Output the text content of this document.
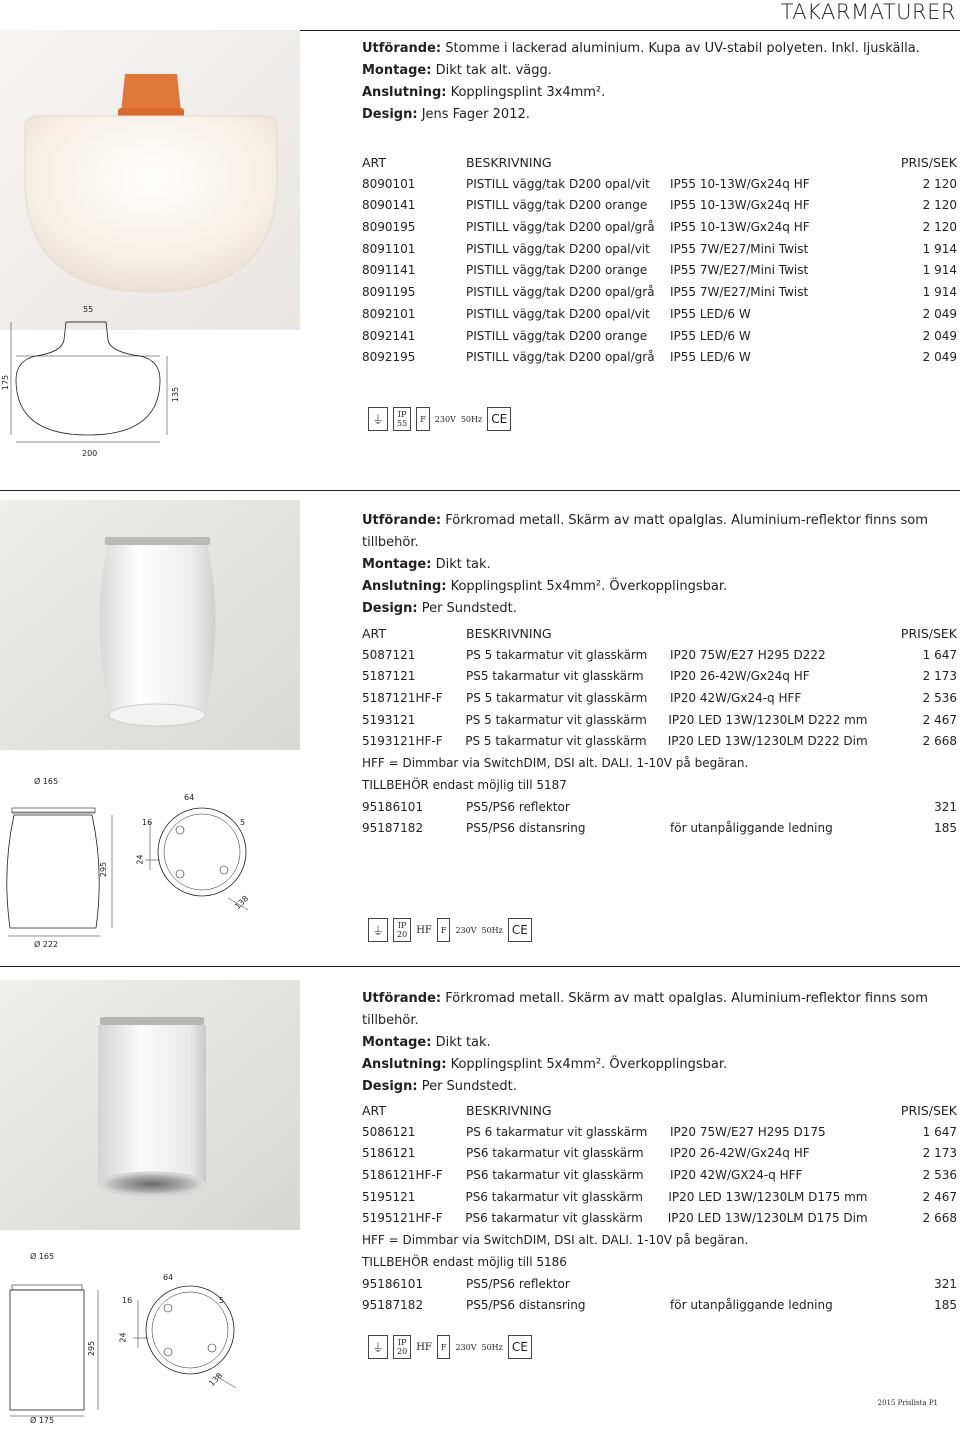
TAKARMATURER
55
175
135
200
Utförande: Stomme i lackerad aluminium. Kupa av UV-stabil polyeten. Inkl. ljuskälla.
Montage: Dikt tak alt. vägg.
Anslutning: Kopplingsplint 3x4mm².
Design: Jens Fager 2012.
ART	BESKRIVNING	PRIS/SEK
8090101	PISTILL vägg/tak D200 opal/vit	IP55 10-13W/Gx24q HF	2 120
8090141	PISTILL vägg/tak D200 orange	IP55 10-13W/Gx24q HF	2 120
8090195	PISTILL vägg/tak D200 opal/grå	IP55 10-13W/Gx24q HF	2 120
8091101	PISTILL vägg/tak D200 opal/vit	IP55 7W/E27/Mini Twist	1 914
8091141	PISTILL vägg/tak D200 orange	IP55 7W/E27/Mini Twist	1 914
8091195	PISTILL vägg/tak D200 opal/grå	IP55 7W/E27/Mini Twist	1 914
8092101	PISTILL vägg/tak D200 opal/vit	IP55 LED/6 W	2 049
8092141	PISTILL vägg/tak D200 orange	IP55 LED/6 W	2 049
8092195	PISTILL vägg/tak D200 opal/grå	IP55 LED/6 W	2 049
⏚	IP
55	F	230V 50Hz CE
Ø 165
Ø 222
295
64
16	5
24
138
Utförande: Förkromad metall. Skärm av matt opalglas. Aluminium-reflektor finns som tillbehör.
Montage: Dikt tak.
Anslutning: Kopplingsplint 5x4mm². Överkopplingsbar.
Design: Per Sundstedt.
ART	BESKRIVNING	PRIS/SEK
5087121	PS 5 takarmatur vit glasskärm	IP20 75W/E27 H295 D222	1 647
5187121	PS5 takarmatur vit glasskärm	IP20 26-42W/Gx24q HF	2 173
5187121HF-F	PS 5 takarmatur vit glasskärm	IP20 42W/Gx24-q HFF	2 536
5193121	PS 5 takarmatur vit glasskärm	IP20 LED 13W/1230LM D222 mm	2 467
5193121HF-F	PS 5 takarmatur vit glasskärm	IP20 LED 13W/1230LM D222 Dim	2 668
HFF = Dimmbar via SwitchDIM, DSI alt. DALI. 1-10V på begäran.
TILLBEHÖR endast möjlig till 5187
95186101	PS5/PS6 reflektor	321
95187182	PS5/PS6 distansring	för utanpåliggande ledning	185
⏚	IP
20 HF	F	230V 50Hz CE
Ø 165
Ø 175
295
64
16	5
24
138
Utförande: Förkromad metall. Skärm av matt opalglas. Aluminium-reflektor finns som tillbehör.
Montage: Dikt tak.
Anslutning: Kopplingsplint 5x4mm². Överkopplingsbar.
Design: Per Sundstedt.
ART	BESKRIVNING	PRIS/SEK
5086121	PS 6 takarmatur vit glasskärm	IP20 75W/E27 H295 D175	1 647
5186121	PS6 takarmatur vit glasskärm	IP20 26-42W/Gx24q HF	2 173
5186121HF-F	PS6 takarmatur vit glasskärm	IP20 42W/GX24-q HFF	2 536
5195121	PS6 takarmatur vit glasskärm	IP20 LED 13W/1230LM D175 mm	2 467
5195121HF-F	PS6 takarmatur vit glasskärm	IP20 LED 13W/1230LM D175 Dim	2 668
HFF = Dimmbar via SwitchDIM, DSI alt. DALI. 1-10V på begäran.
TILLBEHÖR endast möjlig till 5186
95186101	PS5/PS6 reflektor	321
95187182	PS5/PS6 distansring	för utanpåliggande ledning	185
⏚	IP
20 HF	F	230V 50Hz CE
2015 Prislista P1
